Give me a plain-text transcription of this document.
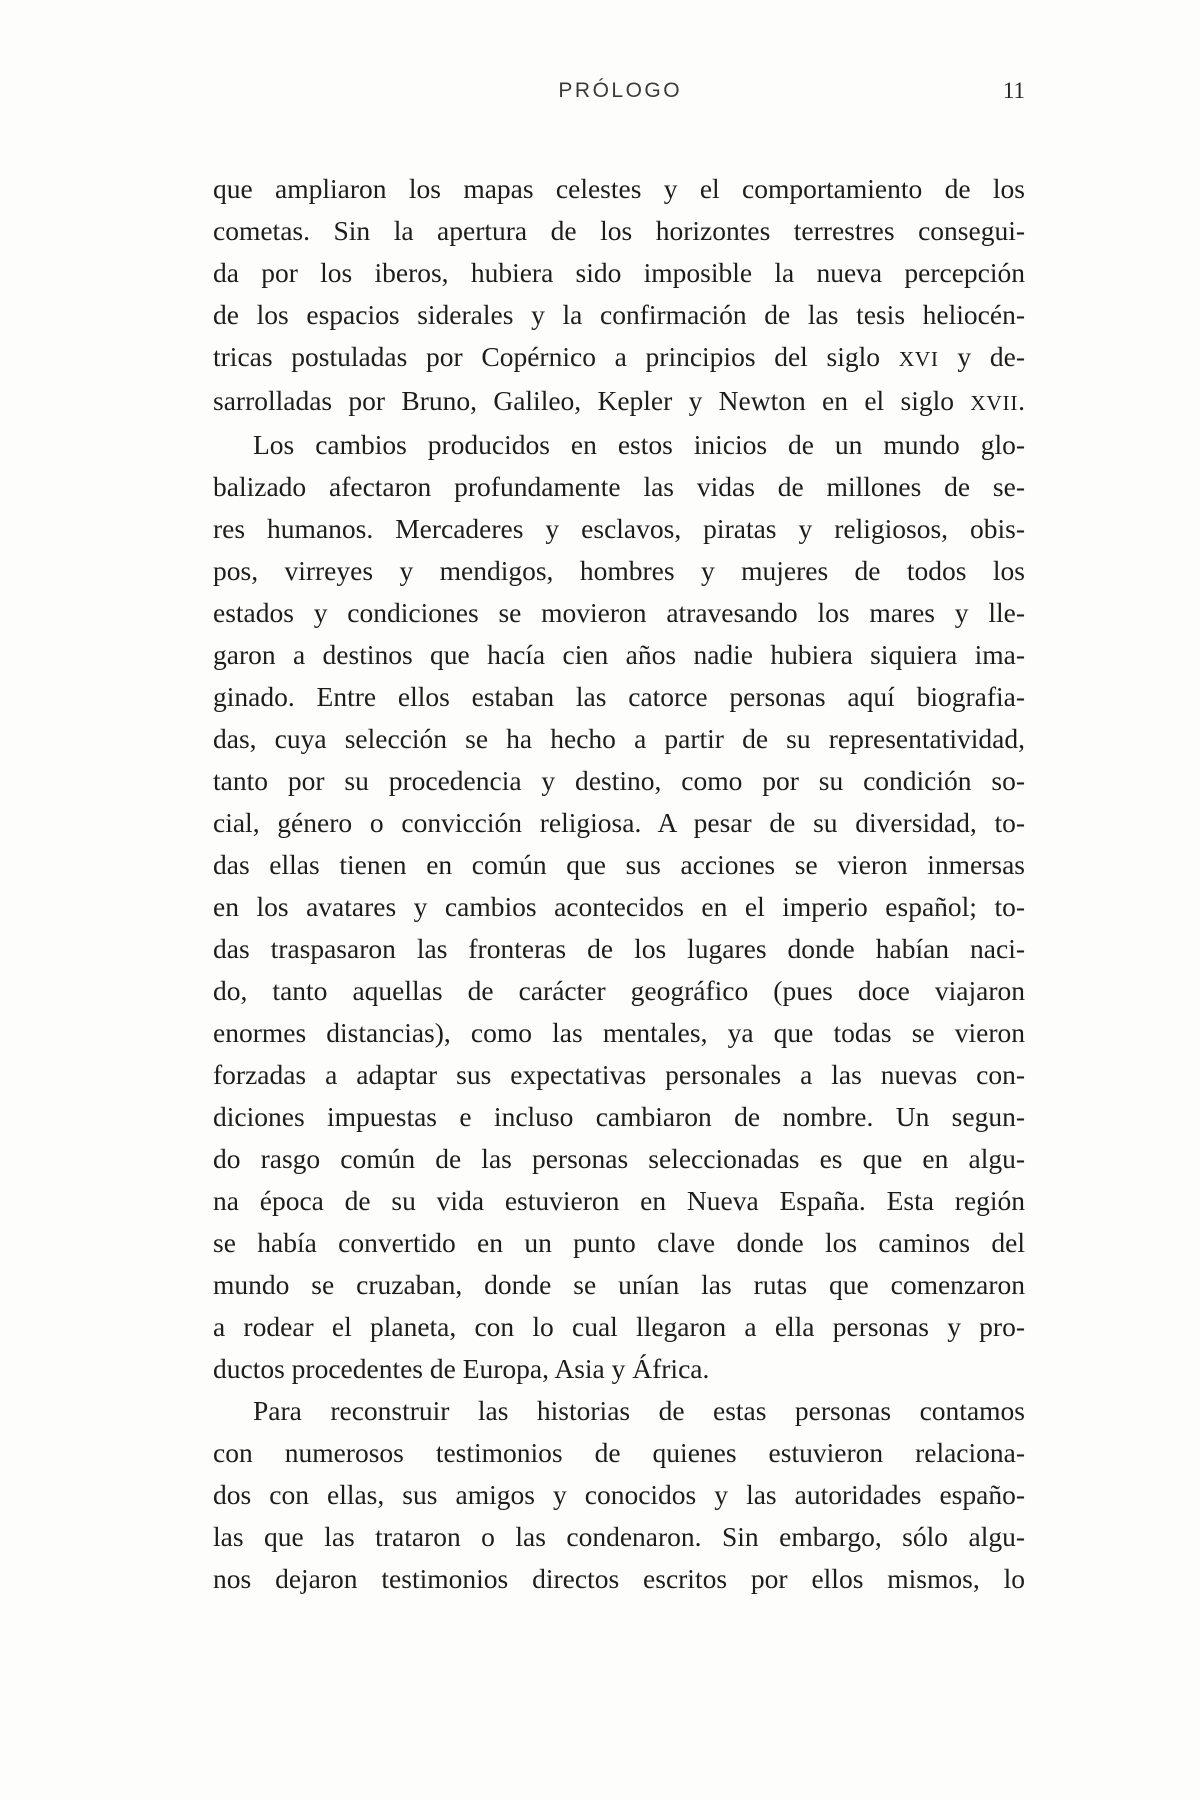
PRÓLOGO	11
que ampliaron los mapas celestes y el comportamiento de los
cometas. Sin la apertura de los horizontes terrestres consegui-
da por los iberos, hubiera sido imposible la nueva percepción
de los espacios siderales y la confirmación de las tesis heliocén-
tricas postuladas por Copérnico a principios del siglo XVI y de-
sarrolladas por Bruno, Galileo, Kepler y Newton en el siglo XVII.
Los cambios producidos en estos inicios de un mundo glo-
balizado afectaron profundamente las vidas de millones de se-
res humanos. Mercaderes y esclavos, piratas y religiosos, obis-
pos, virreyes y mendigos, hombres y mujeres de todos los
estados y condiciones se movieron atravesando los mares y lle-
garon a destinos que hacía cien años nadie hubiera siquiera ima-
ginado. Entre ellos estaban las catorce personas aquí biografia-
das, cuya selección se ha hecho a partir de su representatividad,
tanto por su procedencia y destino, como por su condición so-
cial, género o convicción religiosa. A pesar de su diversidad, to-
das ellas tienen en común que sus acciones se vieron inmersas
en los avatares y cambios acontecidos en el imperio español; to-
das traspasaron las fronteras de los lugares donde habían naci-
do, tanto aquellas de carácter geográfico (pues doce viajaron
enormes distancias), como las mentales, ya que todas se vieron
forzadas a adaptar sus expectativas personales a las nuevas con-
diciones impuestas e incluso cambiaron de nombre. Un segun-
do rasgo común de las personas seleccionadas es que en algu-
na época de su vida estuvieron en Nueva España. Esta región
se había convertido en un punto clave donde los caminos del
mundo se cruzaban, donde se unían las rutas que comenzaron
a rodear el planeta, con lo cual llegaron a ella personas y pro-
ductos procedentes de Europa, Asia y África.
Para reconstruir las historias de estas personas contamos
con numerosos testimonios de quienes estuvieron relaciona-
dos con ellas, sus amigos y conocidos y las autoridades españo-
las que las trataron o las condenaron. Sin embargo, sólo algu-
nos dejaron testimonios directos escritos por ellos mismos, lo
